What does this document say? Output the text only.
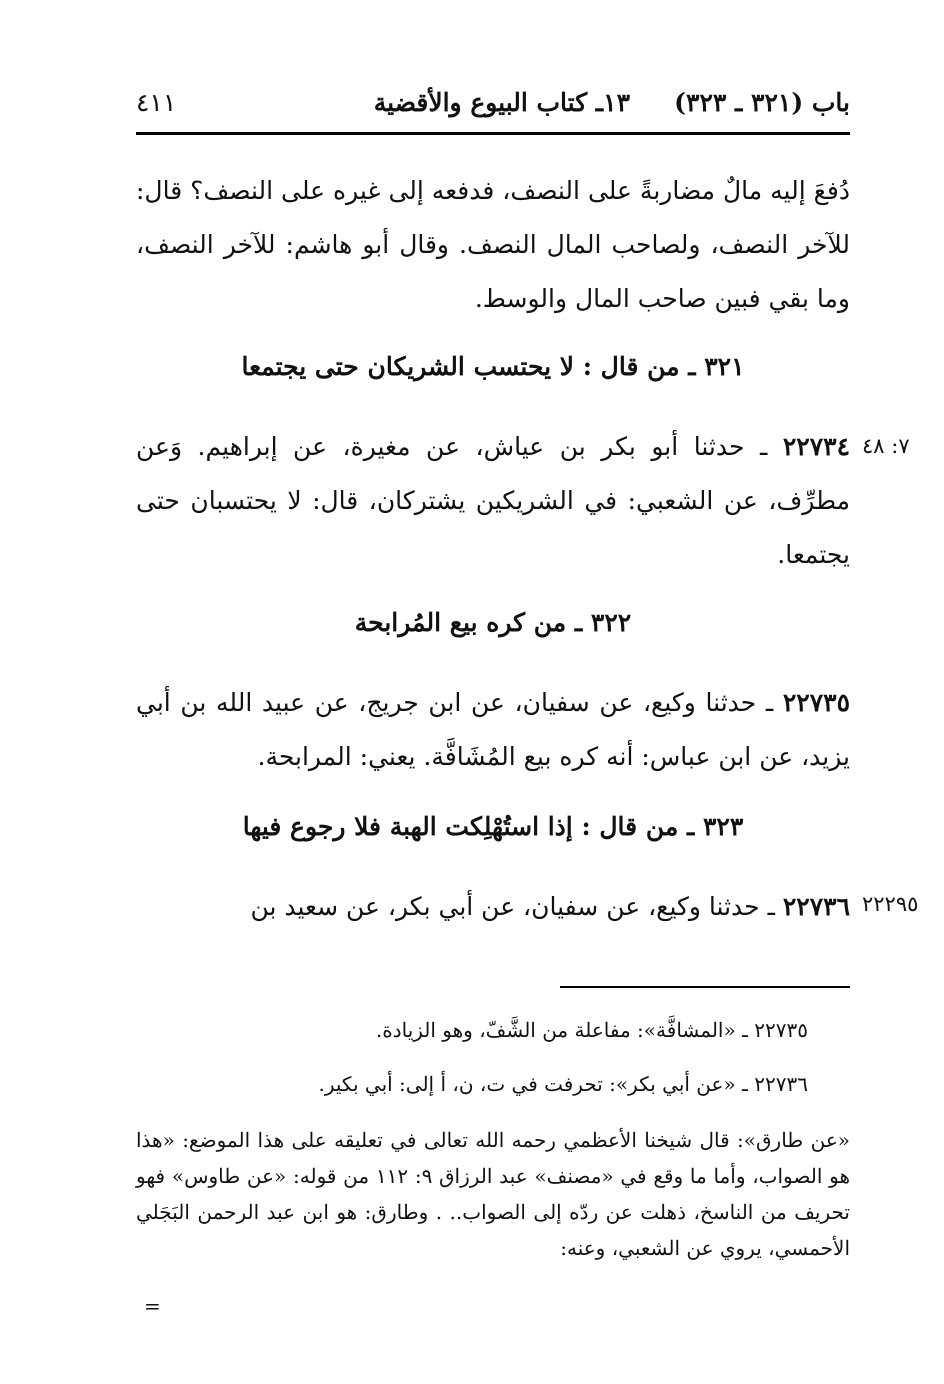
باب (٣٢١ ـ ٣٢٣)
١٣ـ كتاب البيوع والأقضية
٤١١
دُفعَ إليه مالٌ مضاربةً على النصف، فدفعه إلى غيره على النصف؟ قال: للآخر النصف، ولصاحب المال النصف. وقال أبو هاشم: للآخر النصف، وما بقي فبين صاحب المال والوسط.
٣٢١ ـ من قال : لا يحتسب الشريكان حتى يجتمعا
٧: ٤٨
٢٢٧٣٤ ـ حدثنا أبو بكر بن عياش، عن مغيرة، عن إبراهيم. وَعن مطرِّف، عن الشعبي: في الشريكين يشتركان، قال: لا يحتسبان حتى يجتمعا.
٣٢٢ ـ من كره بيع المُرابحة
٢٢٧٣٥ ـ حدثنا وكيع، عن سفيان، عن ابن جريج، عن عبيد الله بن أبي يزيد، عن ابن عباس: أنه كره بيع المُشَافَّة. يعني: المرابحة.
٣٢٣ ـ من قال : إذا استُهْلِكت الهبة فلا رجوع فيها
٢٢٢٩٥
٢٢٧٣٦ ـ حدثنا وكيع، عن سفيان، عن أبي بكر، عن سعيد بن
٢٢٧٣٥ ـ «المشافَّة»: مفاعلة من الشَّفّ، وهو الزيادة.
٢٢٧٣٦ ـ «عن أبي بكر»: تحرفت في ت، ن، أ إلى: أبي بكير.
«عن طارق»: قال شيخنا الأعظمي رحمه الله تعالى في تعليقه على هذا الموضع: «هذا هو الصواب، وأما ما وقع في «مصنف» عبد الرزاق ٩: ١١٢ من قوله: «عن طاوس» فهو تحريف من الناسخ، ذهلت عن ردّه إلى الصواب.. . وطارق: هو ابن عبد الرحمن البَجَلي الأحمسي، يروي عن الشعبي، وعنه:
=
